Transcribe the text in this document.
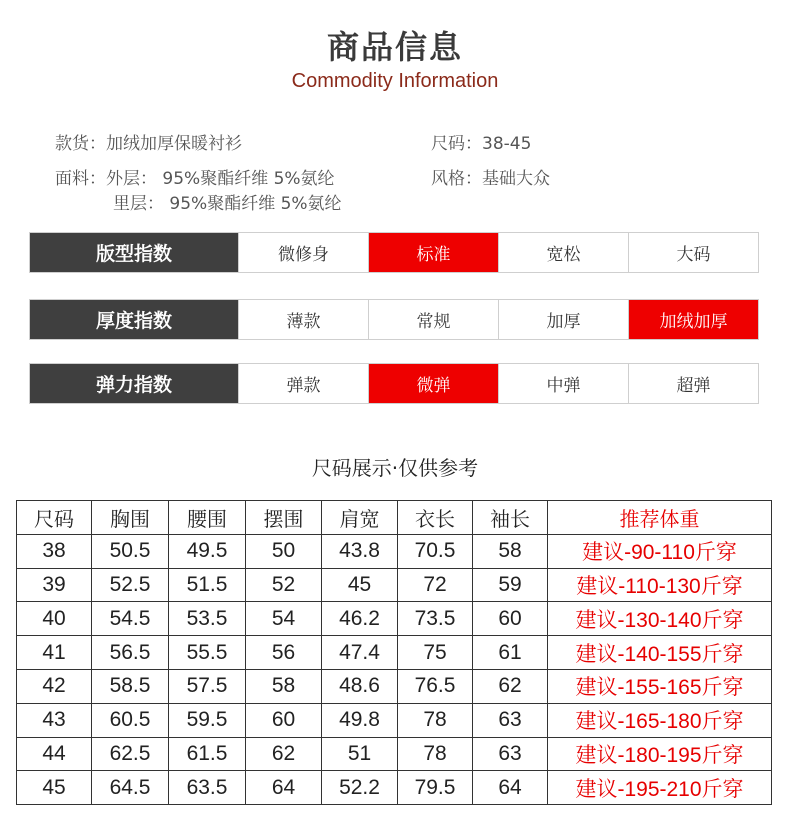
商品信息
Commodity Information
款货：加绒加厚保暖衬衫	尺码：38-45
面料：外层： 95%聚酯纤维 5%氨纶
里层： 95%聚酯纤维 5%氨纶
风格：基础大众
版型指数	微修身	标准	宽松	大码
厚度指数	薄款	常规	加厚	加绒加厚
弹力指数	弹款	微弹	中弹	超弹
尺码展示·仅供参考
尺码	胸围	腰围	摆围	肩宽	衣长	袖长	推荐体重
38	50.5	49.5	50	43.8	70.5	58	建议-90-110斤穿
39	52.5	51.5	52	45	72	59	建议-110-130斤穿
40	54.5	53.5	54	46.2	73.5	60	建议-130-140斤穿
41	56.5	55.5	56	47.4	75	61	建议-140-155斤穿
42	58.5	57.5	58	48.6	76.5	62	建议-155-165斤穿
43	60.5	59.5	60	49.8	78	63	建议-165-180斤穿
44	62.5	61.5	62	51	78	63	建议-180-195斤穿
45	64.5	63.5	64	52.2	79.5	64	建议-195-210斤穿
